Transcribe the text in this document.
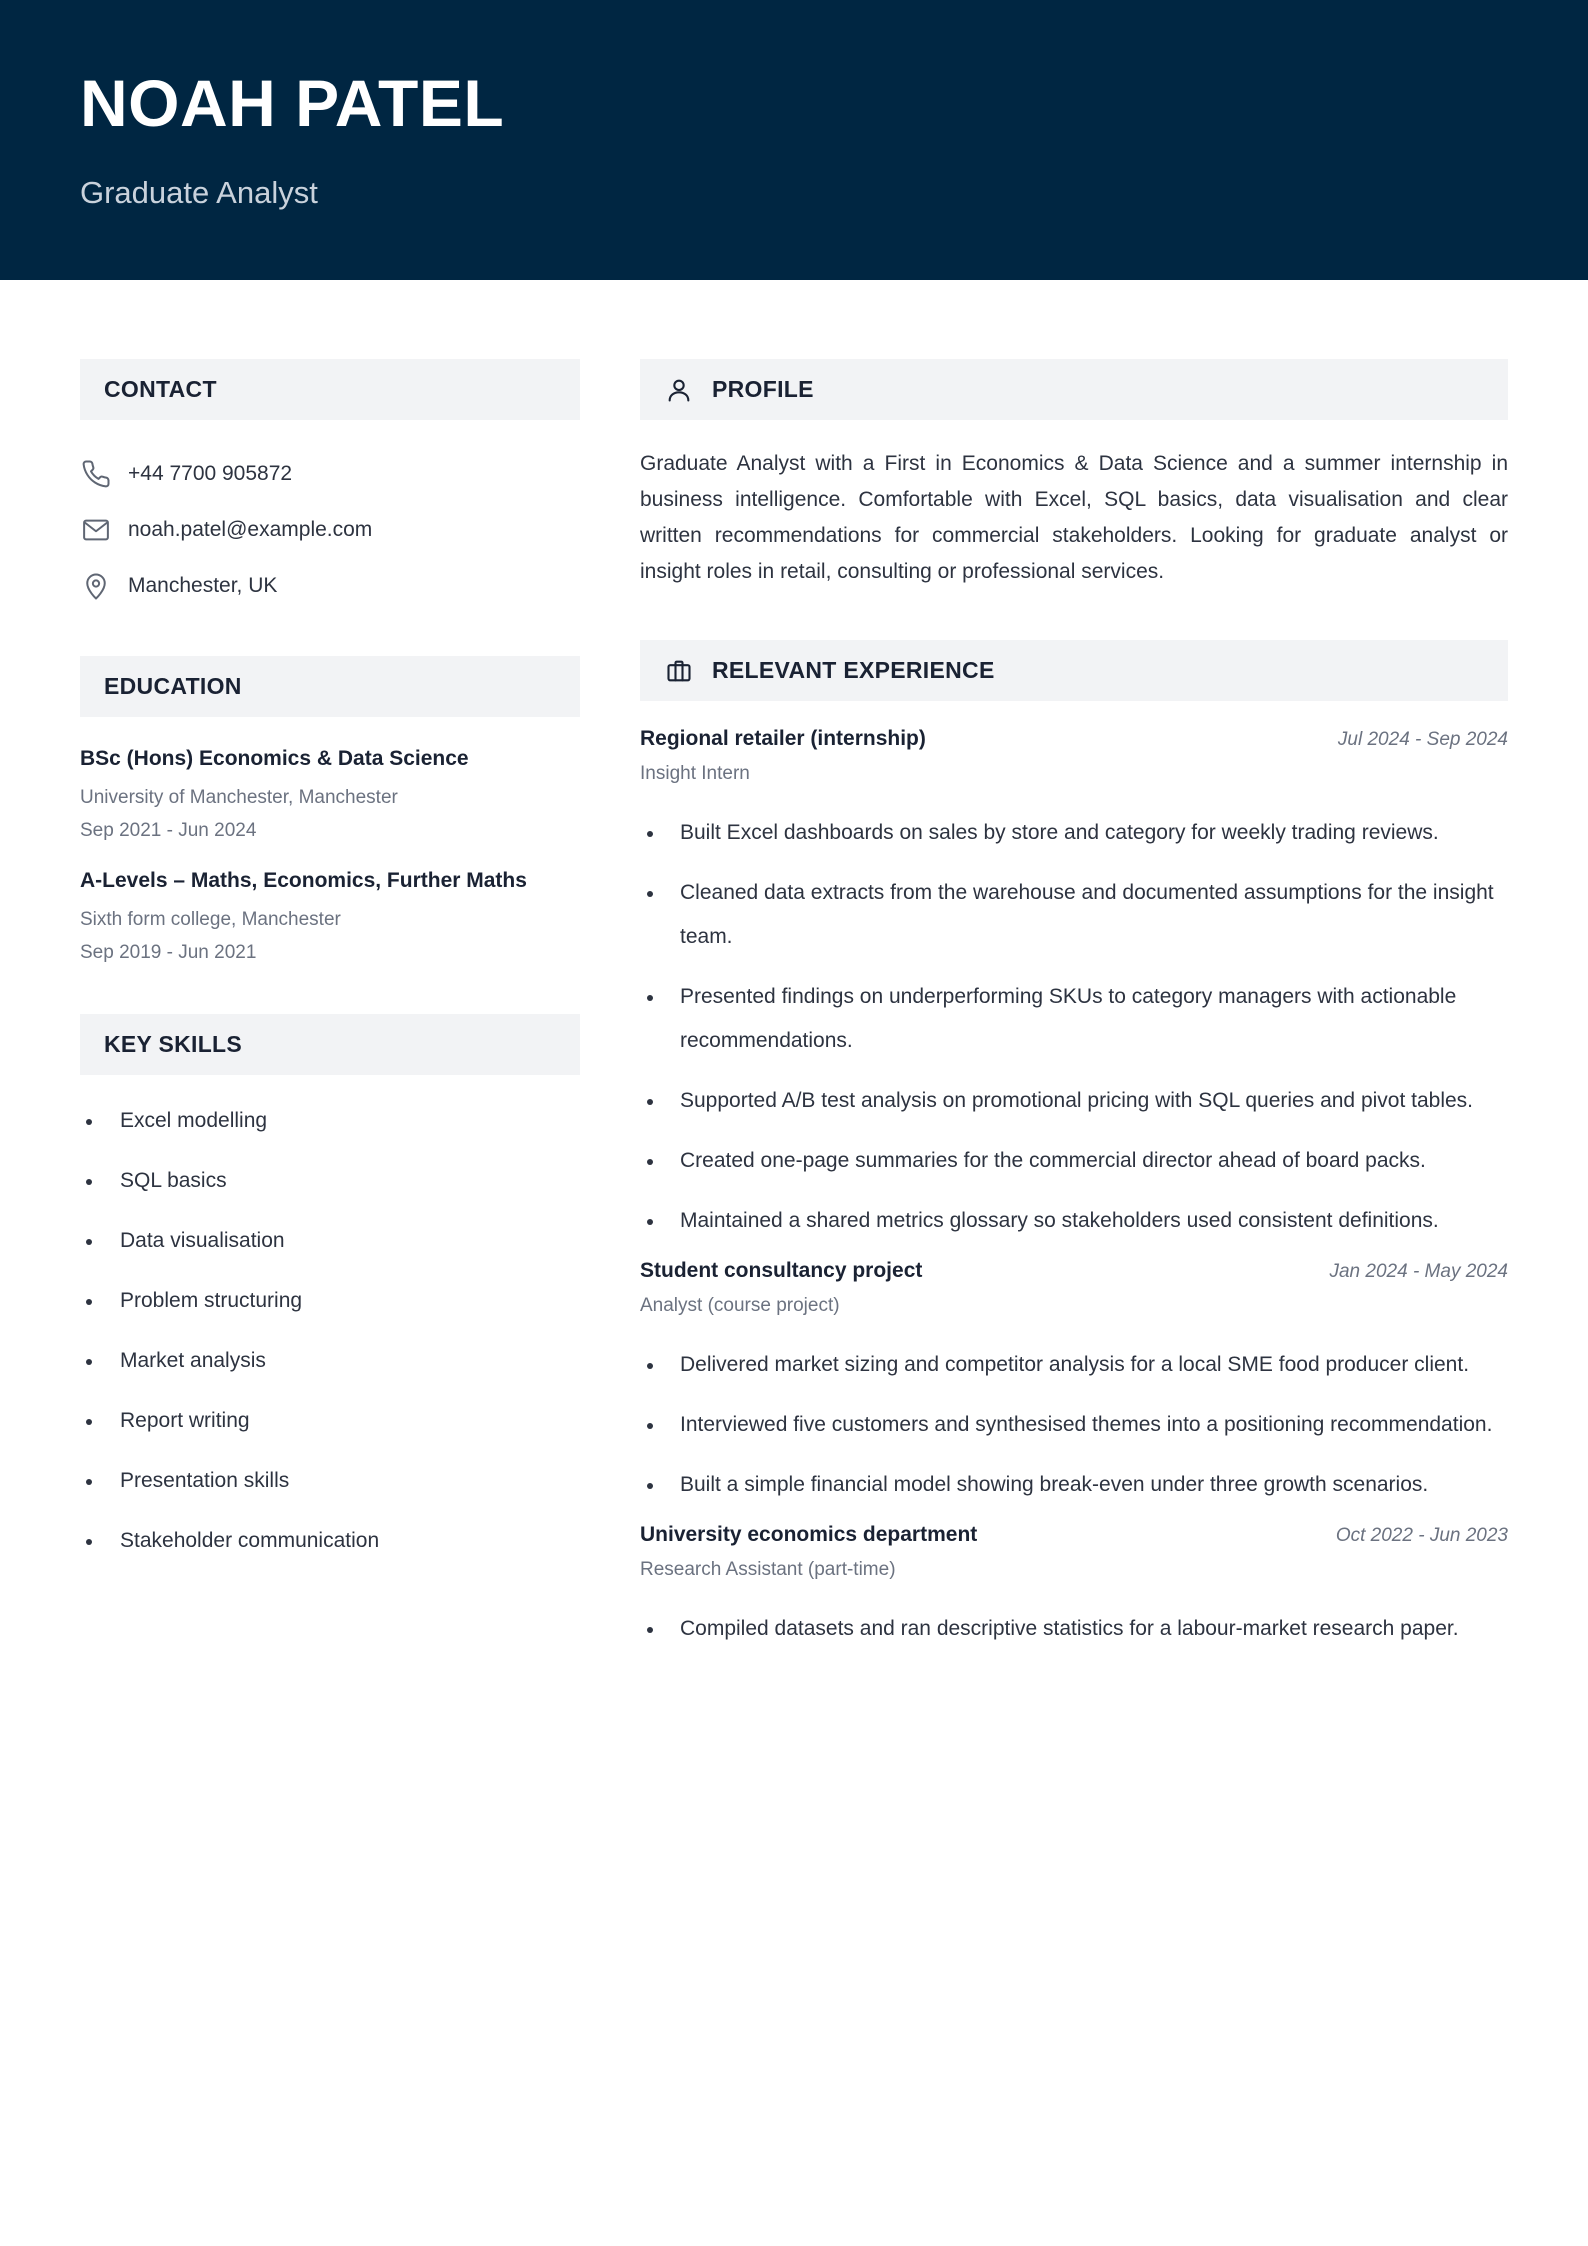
NOAH PATEL
Graduate Analyst
CONTACT
+44 7700 905872
noah.patel@example.com
Manchester, UK
EDUCATION
BSc (Hons) Economics & Data Science
University of Manchester, Manchester
Sep 2021 - Jun 2024
A-Levels – Maths, Economics, Further Maths
Sixth form college, Manchester
Sep 2019 - Jun 2021
KEY SKILLS
Excel modelling
SQL basics
Data visualisation
Problem structuring
Market analysis
Report writing
Presentation skills
Stakeholder communication
PROFILE

Graduate Analyst with a First in Economics & Data Science and a summer internship in business intelligence. Comfortable with Excel, SQL basics, data visualisation and clear written recommendations for commercial stakeholders. Looking for graduate analyst or insight roles in retail, consulting or professional services.

RELEVANT EXPERIENCE
Regional retailer (internship)	Jul 2024 - Sep 2024
Insight Intern
Built Excel dashboards on sales by store and category for weekly trading reviews.
Cleaned data extracts from the warehouse and documented assumptions for the insight team.
Presented findings on underperforming SKUs to category managers with actionable recommendations.
Supported A/B test analysis on promotional pricing with SQL queries and pivot tables.
Created one-page summaries for the commercial director ahead of board packs.
Maintained a shared metrics glossary so stakeholders used consistent definitions.
Student consultancy project	Jan 2024 - May 2024
Analyst (course project)
Delivered market sizing and competitor analysis for a local SME food producer client.
Interviewed five customers and synthesised themes into a positioning recommendation.
Built a simple financial model showing break-even under three growth scenarios.
University economics department	Oct 2022 - Jun 2023
Research Assistant (part-time)
Compiled datasets and ran descriptive statistics for a labour-market research paper.
